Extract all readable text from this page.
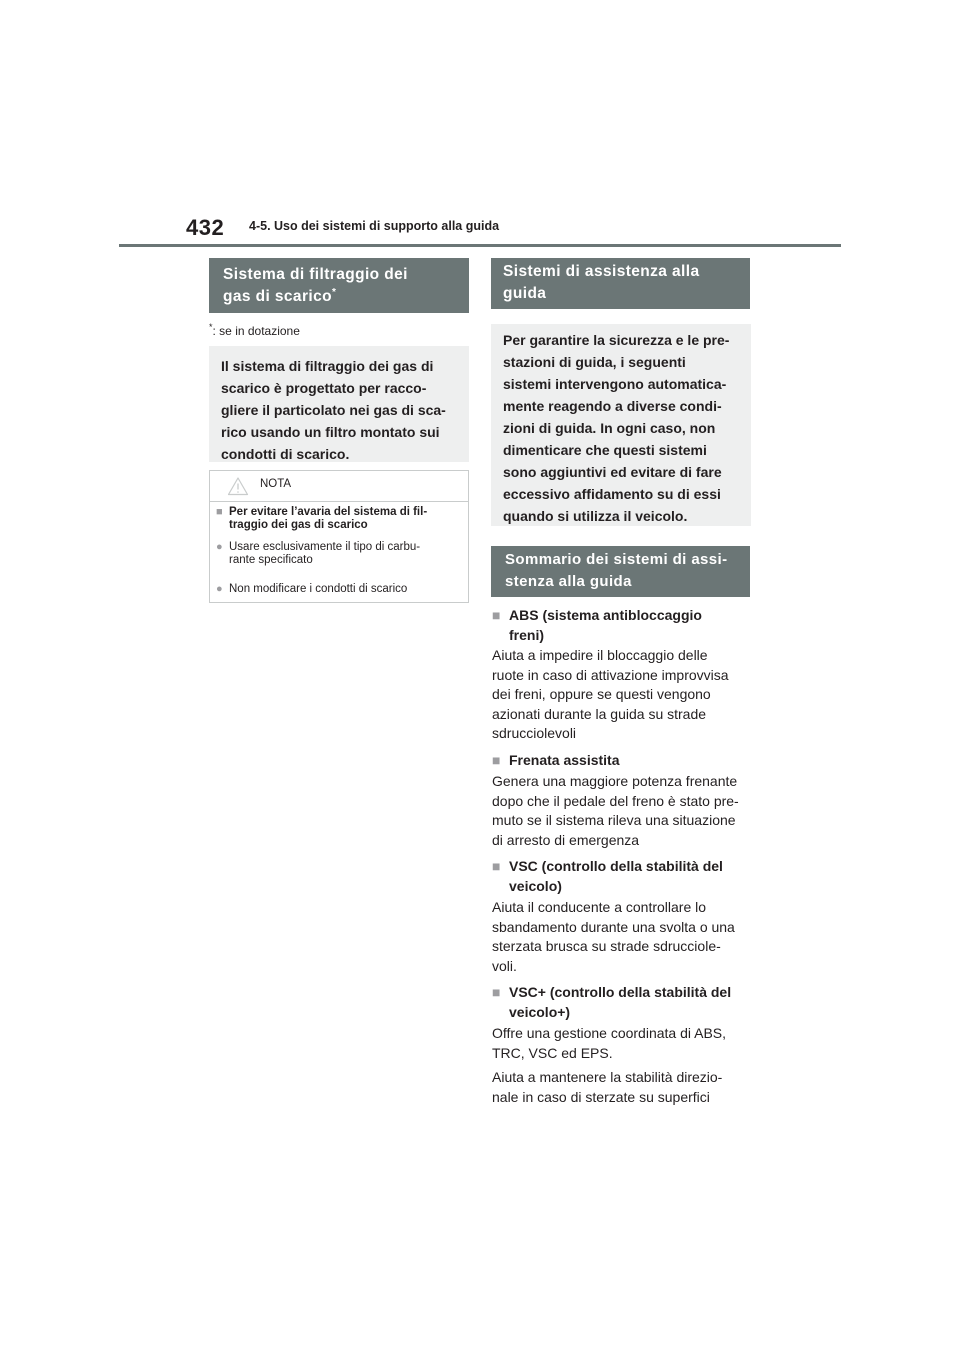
432 4-5. Uso dei sistemi di supporto alla guida
Sistema di filtraggio dei
gas di scarico*
*: se in dotazione
Il sistema di filtraggio dei gas di
scarico è progettato per racco-
gliere il particolato nei gas di sca-
rico usando un filtro montato sui
condotti di scarico.
NOTA
■ Per evitare l’avaria del sistema di fil-
traggio dei gas di scarico
● Usare esclusivamente il tipo di carbu-
rante specificato
● Non modificare i condotti di scarico
Sistemi di assistenza alla guida
Per garantire la sicurezza e le pre-
stazioni di guida, i seguenti
sistemi intervengono automatica-
mente reagendo a diverse condi-
zioni di guida. In ogni caso, non
dimenticare che questi sistemi
sono aggiuntivi ed evitare di fare
eccessivo affidamento su di essi
quando si utilizza il veicolo.
Sommario dei sistemi di assi-
stenza alla guida
■ ABS (sistema antibloccaggio
freni)
Aiuta a impedire il bloccaggio delle
ruote in caso di attivazione improvvisa
dei freni, oppure se questi vengono
azionati durante la guida su strade
sdrucciolevoli
■ Frenata assistita
Genera una maggiore potenza frenante
dopo che il pedale del freno è stato pre-
muto se il sistema rileva una situazione
di arresto di emergenza
■ VSC (controllo della stabilità del
veicolo)
Aiuta il conducente a controllare lo
sbandamento durante una svolta o una
sterzata brusca su strade sdrucciole-
voli.
■ VSC+ (controllo della stabilità del
veicolo+)
Offre una gestione coordinata di ABS,
TRC, VSC ed EPS.
Aiuta a mantenere la stabilità direzio-
nale in caso di sterzate su superfici
